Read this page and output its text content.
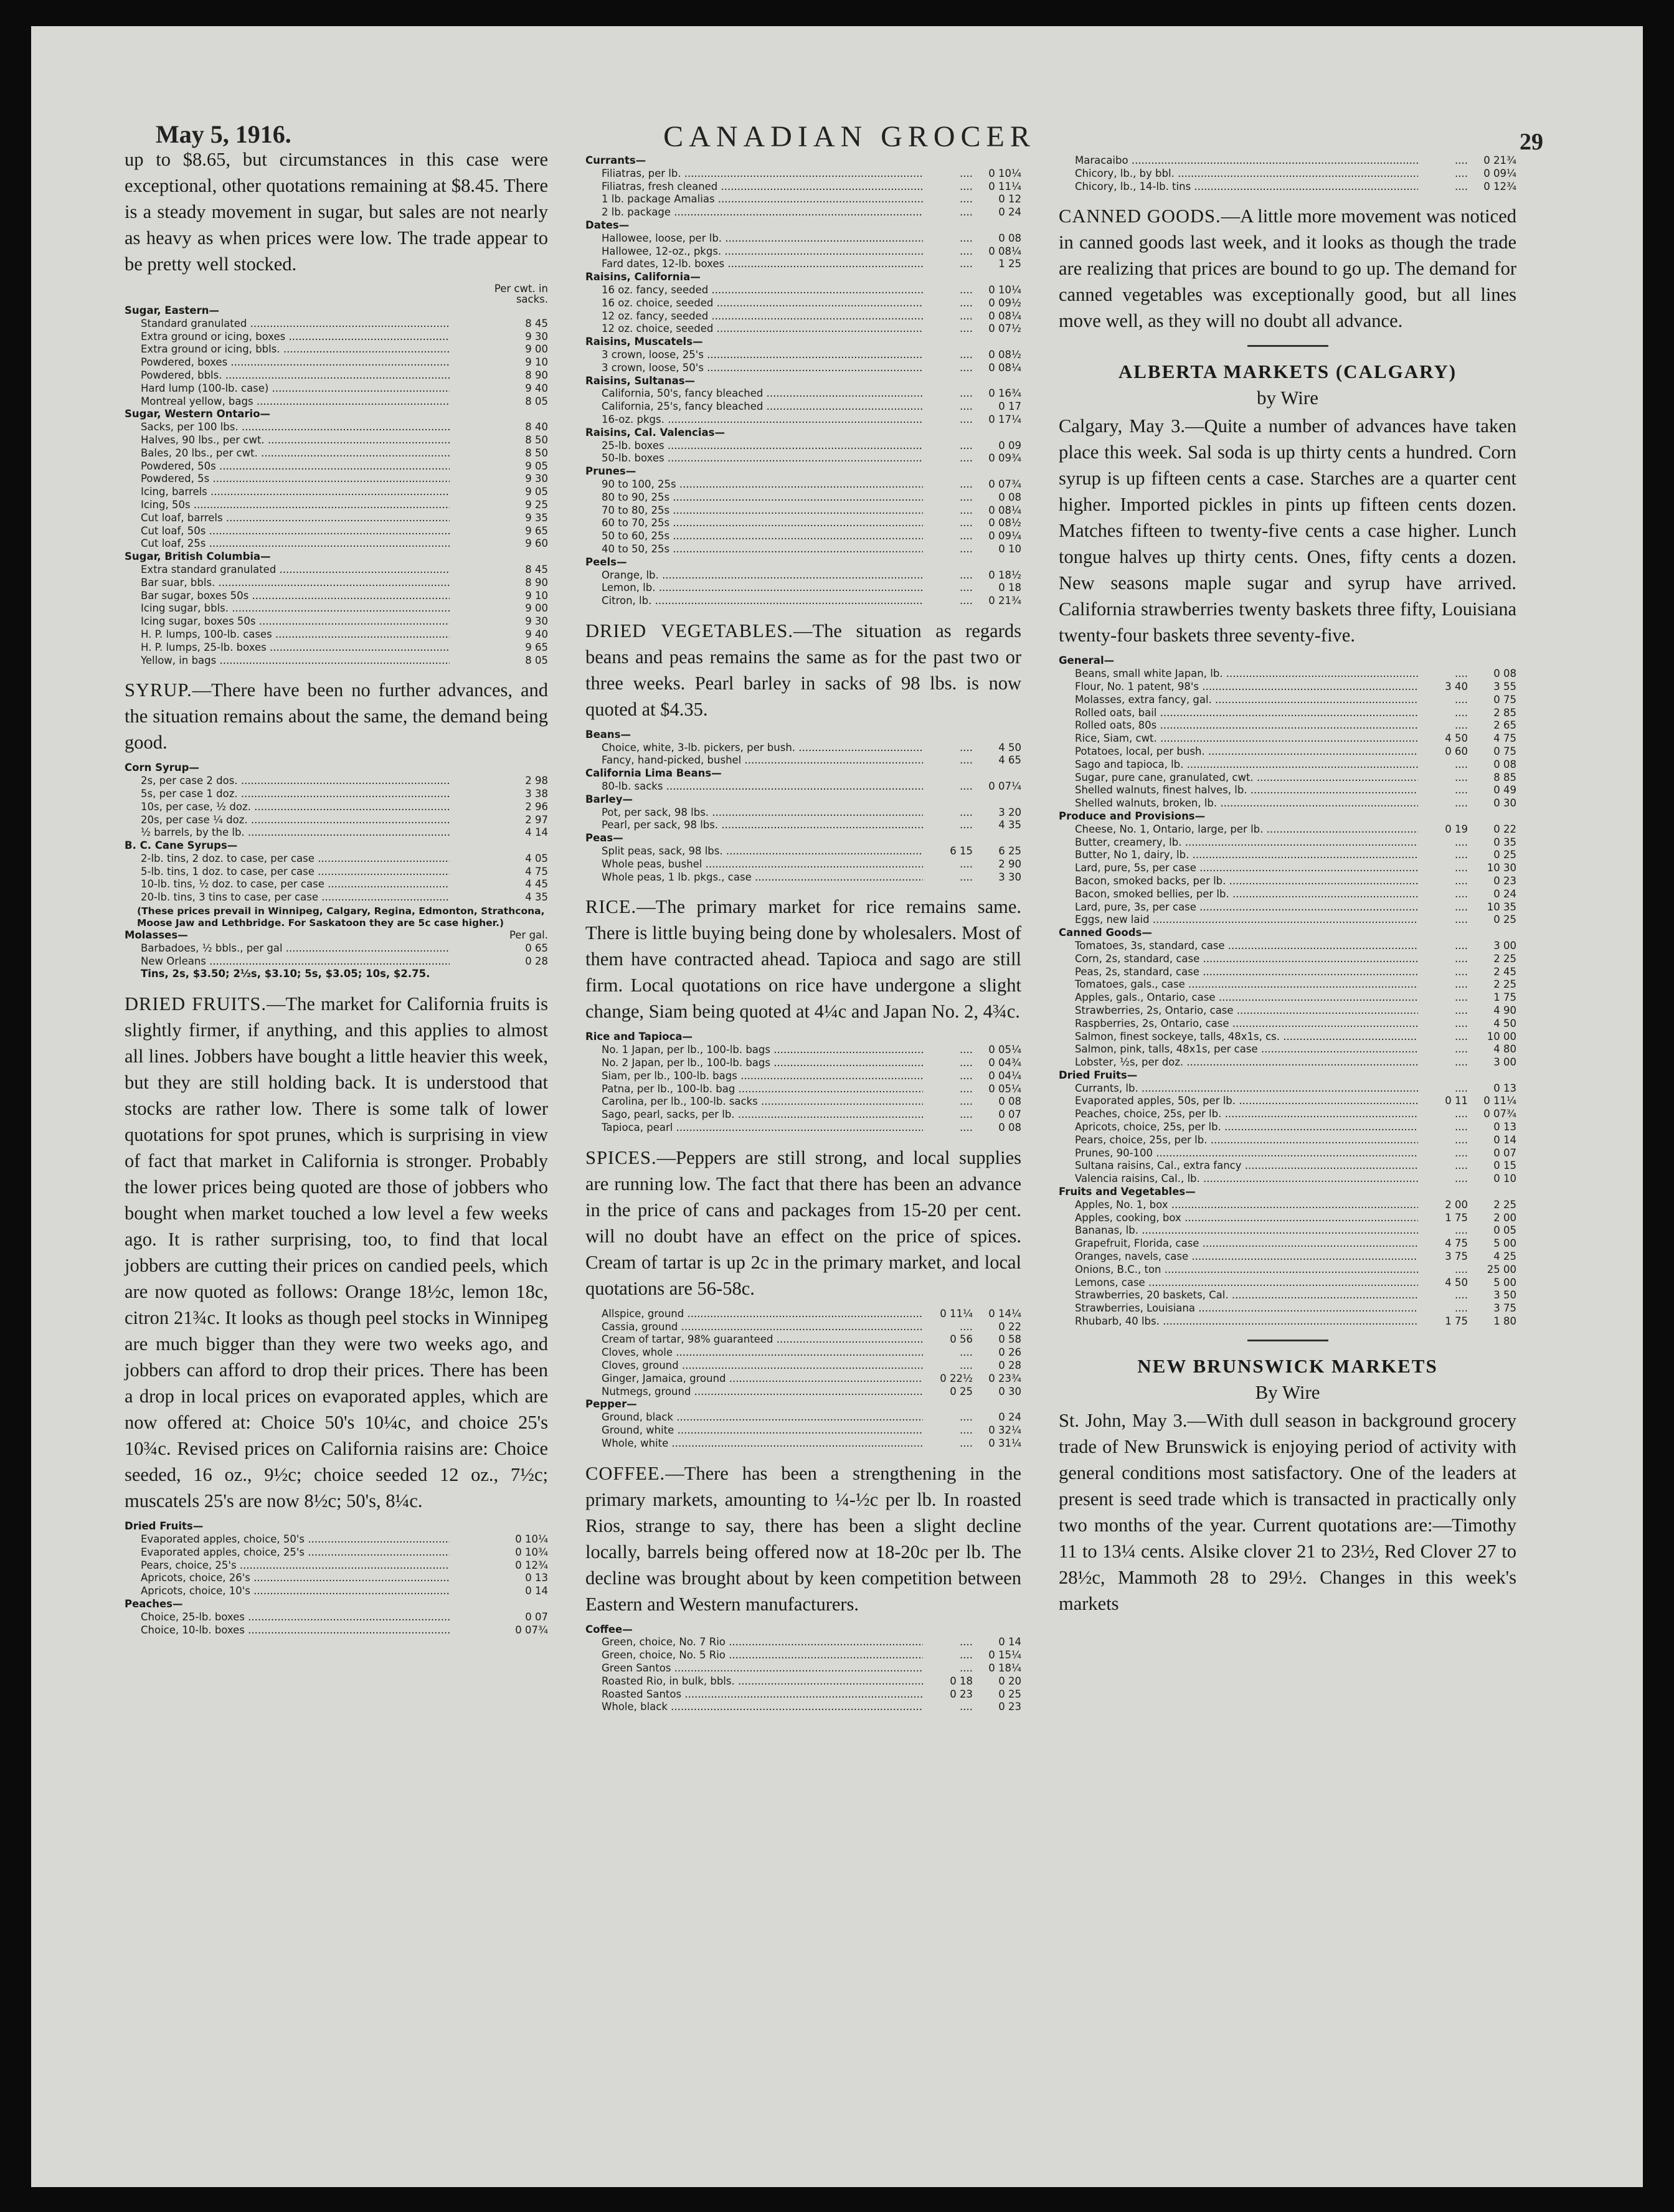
May 5, 1916.	CANADIAN GROCER	29

up to $8.65, but circumstances in this case were exceptional, other quotations remaining at $8.45. There is a steady movement in sugar, but sales are not nearly as heavy as when prices were low. The trade appear to be pretty well stocked.

Per cwt. in sacks.
Sugar, Eastern—
Standard granulated .....	8 45
Extra ground or icing, boxes .....	9 30
Extra ground or icing, bbls. .....	9 00
Powdered, boxes .....	9 10
Powdered, bbls. .....	8 90
Hard lump (100-lb. case) .....	9 40
Montreal yellow, bags .....	8 05
Sugar, Western Ontario—
Sacks, per 100 lbs. .....	8 40
Halves, 90 lbs., per cwt. .....	8 50
Bales, 20 lbs., per cwt. .....	8 50
Powdered, 50s .....	9 05
Powdered, 5s .....	9 30
Icing, barrels .....	9 05
Icing, 50s .....	9 25
Cut loaf, barrels .....	9 35
Cut loaf, 50s .....	9 65
Cut loaf, 25s .....	9 60
Sugar, British Columbia—
Extra standard granulated .....	8 45
Bar suar, bbls. .....	8 90
Bar sugar, boxes 50s .....	9 10
Icing sugar, bbls. .....	9 00
Icing sugar, boxes 50s .....	9 30
H. P. lumps, 100-lb. cases .....	9 40
H. P. lumps, 25-lb. boxes .....	9 65
Yellow, in bags .....	8 05

SYRUP.—There have been no further advances, and the situation remains about the same, the demand being good.

Corn Syrup—
2s, per case 2 dos. .....	2 98
5s, per case 1 doz. .....	3 38
10s, per case, ½ doz. .....	2 96
20s, per case ¼ doz. .....	2 97
½ barrels, by the lb. .....	4 14
B. C. Cane Syrups—
2-lb. tins, 2 doz. to case, per case .....	4 05
5-lb. tins, 1 doz. to case, per case .....	4 75
10-lb. tins, ½ doz. to case, per case .....	4 45
20-lb. tins, 3 tins to case, per case .....	4 35
(These prices prevail in Winnipeg, Calgary, Regina, Edmonton, Strathcona, Moose Jaw and Lethbridge. For Saskatoon they are 5c case higher.)
Molasses—	Per gal.
Barbadoes, ½ bbls., per gal .....	0 65
New Orleans .....	0 28
Tins, 2s, $3.50; 2½s, $3.10; 5s, $3.05; 10s, $2.75.

DRIED FRUITS.—The market for California fruits is slightly firmer, if anything, and this applies to almost all lines. Jobbers have bought a little heavier this week, but they are still holding back. It is understood that stocks are rather low. There is some talk of lower quotations for spot prunes, which is surprising in view of fact that market in California is stronger. Probably the lower prices being quoted are those of jobbers who bought when market touched a low level a few weeks ago. It is rather surprising, too, to find that local jobbers are cutting their prices on candied peels, which are now quoted as follows: Orange 18½c, lemon 18c, citron 21¾c. It looks as though peel stocks in Winnipeg are much bigger than they were two weeks ago, and jobbers can afford to drop their prices. There has been a drop in local prices on evaporated apples, which are now offered at: Choice 50's 10¼c, and choice 25's 10¾c. Revised prices on California raisins are: Choice seeded, 16 oz., 9½c; choice seeded 12 oz., 7½c; muscatels 25's are now 8½c; 50's, 8¼c.

Dried Fruits—
Evaporated apples, choice, 50's .....	0 10¼
Evaporated apples, choice, 25's .....	0 10¾
Pears, choice, 25's .....	0 12¾
Apricots, choice, 26's .....	0 13
Apricots, choice, 10's .....	0 14
Peaches—
Choice, 25-lb. boxes .....	0 07
Choice, 10-lb. boxes .....	0 07¾
Currants—
Filiatras, per lb. .....	....	0 10¼
Filiatras, fresh cleaned .....	....	0 11¼
1 lb. package Amalias .....	....	0 12
2 lb. package .....	....	0 24
Dates—
Hallowee, loose, per lb. .....	....	0 08
Hallowee, 12-oz., pkgs. .....	....	0 08¼
Fard dates, 12-lb. boxes .....	....	1 25
Raisins, California—
16 oz. fancy, seeded .....	....	0 10¼
16 oz. choice, seeded .....	....	0 09½
12 oz. fancy, seeded .....	....	0 08¼
12 oz. choice, seeded .....	....	0 07½
Raisins, Muscatels—
3 crown, loose, 25's .....	....	0 08½
3 crown, loose, 50's .....	....	0 08¼
Raisins, Sultanas—
California, 50's, fancy bleached .....	....	0 16¾
California, 25's, fancy bleached .....	....	0 17
16-oz. pkgs. .....	....	0 17¼
Raisins, Cal. Valencias—
25-lb. boxes .....	....	0 09
50-lb. boxes .....	....	0 09¾
Prunes—
90 to 100, 25s .....	....	0 07¾
80 to 90, 25s .....	....	0 08
70 to 80, 25s .....	....	0 08¼
60 to 70, 25s .....	....	0 08½
50 to 60, 25s .....	....	0 09¼
40 to 50, 25s .....	....	0 10
Peels—
Orange, lb. .....	....	0 18½
Lemon, lb. .....	....	0 18
Citron, lb. .....	....	0 21¾

DRIED VEGETABLES.—The situation as regards beans and peas remains the same as for the past two or three weeks. Pearl barley in sacks of 98 lbs. is now quoted at $4.35.

Beans—
Choice, white, 3-lb. pickers, per bush. .....	....	4 50
Fancy, hand-picked, bushel .....	....	4 65
California Lima Beans—
80-lb. sacks .....	....	0 07¼
Barley—
Pot, per sack, 98 lbs. .....	....	3 20
Pearl, per sack, 98 lbs. .....	....	4 35
Peas—
Split peas, sack, 98 lbs. .....	6 15	6 25
Whole peas, bushel .....	....	2 90
Whole peas, 1 lb. pkgs., case .....	....	3 30

RICE.—The primary market for rice remains same. There is little buying being done by wholesalers. Most of them have contracted ahead. Tapioca and sago are still firm. Local quotations on rice have undergone a slight change, Siam being quoted at 4¼c and Japan No. 2, 4¾c.

Rice and Tapioca—
No. 1 Japan, per lb., 100-lb. bags .....	....	0 05¼
No. 2 Japan, per lb., 100-lb. bags .....	....	0 04¾
Siam, per lb., 100-lb. bags .....	....	0 04¼
Patna, per lb., 100-lb. bag .....	....	0 05¼
Carolina, per lb., 100-lb. sacks .....	....	0 08
Sago, pearl, sacks, per lb. .....	....	0 07
Tapioca, pearl .....	....	0 08

SPICES.—Peppers are still strong, and local supplies are running low. The fact that there has been an advance in the price of cans and packages from 15-20 per cent. will no doubt have an effect on the price of spices. Cream of tartar is up 2c in the primary market, and local quotations are 56-58c.

Allspice, ground .....	0 11¼	0 14¼
Cassia, ground .....	....	0 22
Cream of tartar, 98% guaranteed .....	0 56	0 58
Cloves, whole .....	....	0 26
Cloves, ground .....	....	0 28
Ginger, Jamaica, ground .....	0 22½	0 23¾
Nutmegs, ground .....	0 25	0 30
Pepper—
Ground, black .....	....	0 24
Ground, white .....	....	0 32¼
Whole, white .....	....	0 31¼

COFFEE.—There has been a strengthening in the primary markets, amounting to ¼-½c per lb. In roasted Rios, strange to say, there has been a slight decline locally, barrels being offered now at 18-20c per lb. The decline was brought about by keen competition between Eastern and Western manufacturers.

Coffee—
Green, choice, No. 7 Rio .....	....	0 14
Green, choice, No. 5 Rio .....	....	0 15¼
Green Santos .....	....	0 18¼
Roasted Rio, in bulk, bbls. .....	0 18	0 20
Roasted Santos .....	0 23	0 25
Whole, black .....	....	0 23
Maracaibo .....	....	0 21¾
Chicory, lb., by bbl. .....	....	0 09¼
Chicory, lb., 14-lb. tins .....	....	0 12¾

CANNED GOODS.—A little more movement was noticed in canned goods last week, and it looks as though the trade are realizing that prices are bound to go up. The demand for canned vegetables was exceptionally good, but all lines move well, as they will no doubt all advance.

ALBERTA MARKETS (CALGARY)
by Wire

Calgary, May 3.—Quite a number of advances have taken place this week. Sal soda is up thirty cents a hundred. Corn syrup is up fifteen cents a case. Starches are a quarter cent higher. Imported pickles in pints up fifteen cents dozen. Matches fifteen to twenty-five cents a case higher. Lunch tongue halves up thirty cents. Ones, fifty cents a dozen. New seasons maple sugar and syrup have arrived. California strawberries twenty baskets three fifty, Louisiana twenty-four baskets three seventy-five.

General—
Beans, small white Japan, lb. .....	....	0 08
Flour, No. 1 patent, 98's .....	3 40	3 55
Molasses, extra fancy, gal. .....	....	0 75
Rolled oats, bail .....	....	2 85
Rolled oats, 80s .....	....	2 65
Rice, Siam, cwt. .....	4 50	4 75
Potatoes, local, per bush. .....	0 60	0 75
Sago and tapioca, lb. .....	....	0 08
Sugar, pure cane, granulated, cwt. .....	....	8 85
Shelled walnuts, finest halves, lb. .....	....	0 49
Shelled walnuts, broken, lb. .....	....	0 30
Produce and Provisions—
Cheese, No. 1, Ontario, large, per lb. .....	0 19	0 22
Butter, creamery, lb. .....	....	0 35
Butter, No 1, dairy, lb. .....	....	0 25
Lard, pure, 5s, per case .....	....	10 30
Bacon, smoked backs, per lb. .....	....	0 23
Bacon, smoked bellies, per lb. .....	....	0 24
Lard, pure, 3s, per case .....	....	10 35
Eggs, new laid .....	....	0 25
Canned Goods—
Tomatoes, 3s, standard, case .....	....	3 00
Corn, 2s, standard, case .....	....	2 25
Peas, 2s, standard, case .....	....	2 45
Tomatoes, gals., case .....	....	2 25
Apples, gals., Ontario, case .....	....	1 75
Strawberries, 2s, Ontario, case .....	....	4 90
Raspberries, 2s, Ontario, case .....	....	4 50
Salmon, finest sockeye, talls, 48x1s, cs. .....	....	10 00
Salmon, pink, talls, 48x1s, per case .....	....	4 80
Lobster, ½s, per doz. .....	....	3 00
Dried Fruits—
Currants, lb. .....	....	0 13
Evaporated apples, 50s, per lb. .....	0 11	0 11¼
Peaches, choice, 25s, per lb. .....	....	0 07¾
Apricots, choice, 25s, per lb. .....	....	0 13
Pears, choice, 25s, per lb. .....	....	0 14
Prunes, 90-100 .....	....	0 07
Sultana raisins, Cal., extra fancy .....	....	0 15
Valencia raisins, Cal., lb. .....	....	0 10
Fruits and Vegetables—
Apples, No. 1, box .....	2 00	2 25
Apples, cooking, box .....	1 75	2 00
Bananas, lb. .....	....	0 05
Grapefruit, Florida, case .....	4 75	5 00
Oranges, navels, case .....	3 75	4 25
Onions, B.C., ton .....	....	25 00
Lemons, case .....	4 50	5 00
Strawberries, 20 baskets, Cal. .....	....	3 50
Strawberries, Louisiana .....	....	3 75
Rhubarb, 40 lbs. .....	1 75	1 80
NEW BRUNSWICK MARKETS
By Wire

St. John, May 3.—With dull season in background grocery trade of New Brunswick is enjoying period of activity with general conditions most satisfactory. One of the leaders at present is seed trade which is transacted in practically only two months of the year. Current quotations are:—Timothy 11 to 13¼ cents. Alsike clover 21 to 23½, Red Clover 27 to 28½c, Mammoth 28 to 29½. Changes in this week's markets
